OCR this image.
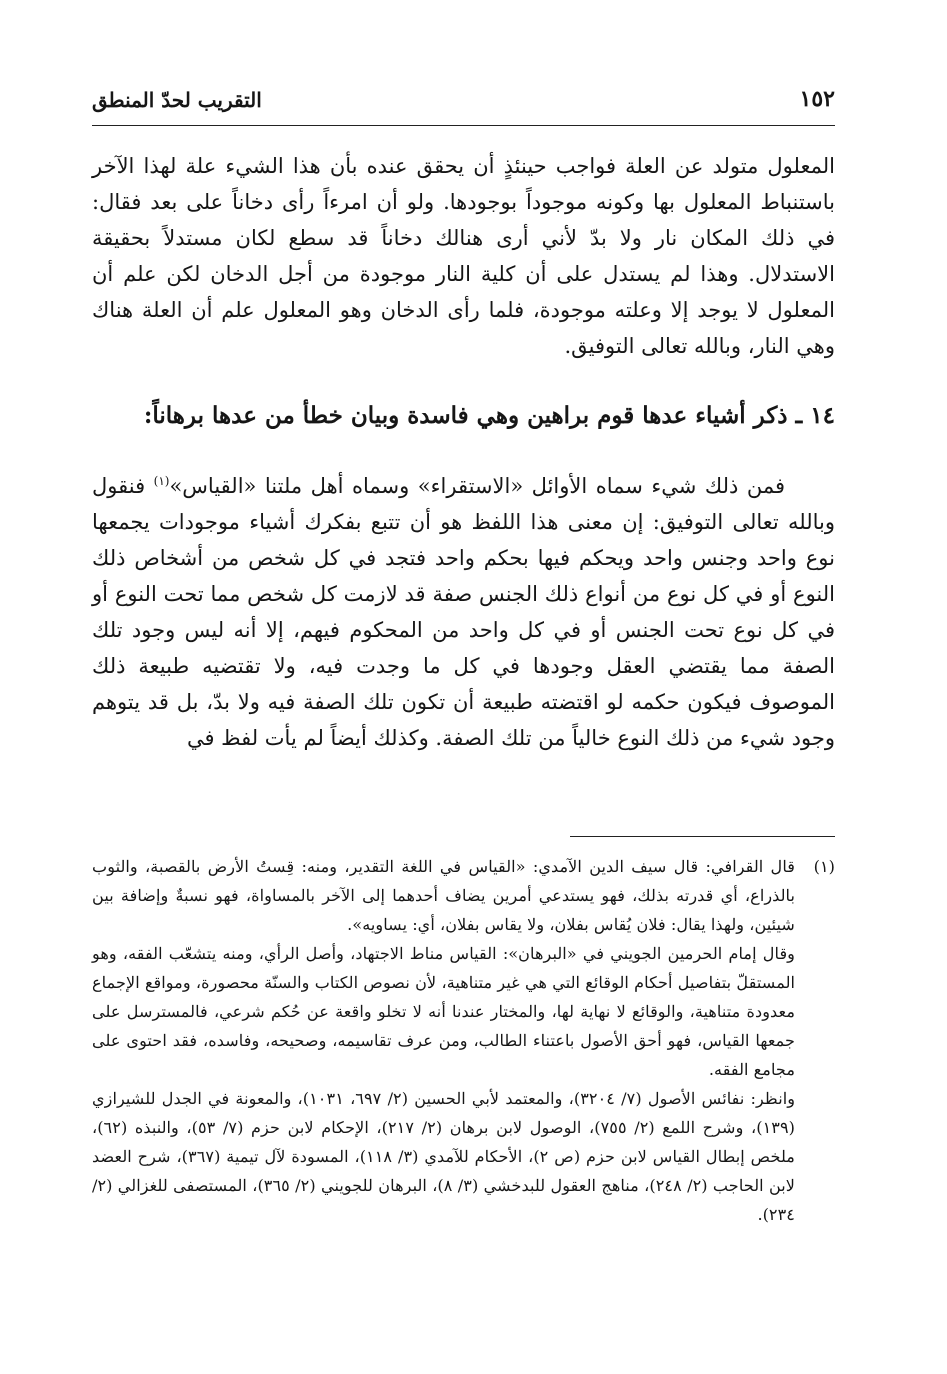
١٥٢
التقريب لحدّ المنطق

المعلول متولد عن العلة فواجب حينئذٍ أن يحقق عنده بأن هذا الشيء علة لهذا الآخر باستنباط المعلول بها وكونه موجوداً بوجودها. ولو أن امرءاً رأى دخاناً على بعد فقال: في ذلك المكان نار ولا بدّ لأني أرى هنالك دخاناً قد سطع لكان مستدلاً بحقيقة الاستدلال. وهذا لم يستدل على أن كلية النار موجودة من أجل الدخان لكن علم أن المعلول لا يوجد إلا وعلته موجودة، فلما رأى الدخان وهو المعلول علم أن العلة هناك وهي النار، وبالله تعالى التوفيق.

١٤ ـ ذكر أشياء عدها قوم براهين وهي فاسدة وبيان خطأ من عدها برهاناً:

فمن ذلك شيء سماه الأوائل «الاستقراء» وسماه أهل ملتنا «القياس»$^{(١)}$ فنقول وبالله تعالى التوفيق: إن معنى هذا اللفظ هو أن تتبع بفكرك أشياء موجودات يجمعها نوع واحد وجنس واحد ويحكم فيها بحكم واحد فتجد في كل شخص من أشخاص ذلك النوع أو في كل نوع من أنواع ذلك الجنس صفة قد لازمت كل شخص مما تحت النوع أو في كل نوع تحت الجنس أو في كل واحد من المحكوم فيهم، إلا أنه ليس وجود تلك الصفة مما يقتضي العقل وجودها في كل ما وجدت فيه، ولا تقتضيه طبيعة ذلك الموصوف فيكون حكمه لو اقتضته طبيعة أن تكون تلك الصفة فيه ولا بدّ، بل قد يتوهم وجود شيء من ذلك النوع خالياً من تلك الصفة. وكذلك أيضاً لم يأت لفظ في

(١)

قال القرافي: قال سيف الدين الآمدي: «القياس في اللغة التقدير، ومنه: قِستُ الأرض بالقصبة، والثوب بالذراع، أي قدرته بذلك، فهو يستدعي أمرين يضاف أحدهما إلى الآخر بالمساواة، فهو نسبةٌ وإضافة بين شيئين، ولهذا يقال: فلان يُقاس بفلان، ولا يقاس بفلان، أي: يساويه».

وقال إمام الحرمين الجويني في «البرهان»: القياس مناط الاجتهاد، وأصل الرأي، ومنه يتشعّب الفقه، وهو المستقلّ بتفاصيل أحكام الوقائع التي هي غير متناهية، لأن نصوص الكتاب والسنّة محصورة، ومواقع الإجماع معدودة متناهية، والوقائع لا نهاية لها، والمختار عندنا أنه لا تخلو واقعة عن حُكم شرعي، فالمسترسل على جمعها القياس، فهو أحق الأصول باعتناء الطالب، ومن عرف تقاسيمه، وصحيحه، وفاسده، فقد احتوى على مجامع الفقه.

وانظر: نفائس الأصول (٧/ ٣٢٠٤)، والمعتمد لأبي الحسين (٢/ ٦٩٧، ١٠٣١)، والمعونة في الجدل للشيرازي (١٣٩)، وشرح اللمع (٢/ ٧٥٥)، الوصول لابن برهان (٢/ ٢١٧)، الإحكام لابن حزم (٧/ ٥٣)، والنبذه (٦٢)، ملخص إبطال القياس لابن حزم (ص ٢)، الأحكام للآمدي (٣/ ١١٨)، المسودة لآل تيمية (٣٦٧)، شرح العضد لابن الحاجب (٢/ ٢٤٨)، مناهج العقول للبدخشي (٣/ ٨)، البرهان للجويني (٢/ ٣٦٥)، المستصفى للغزالي (٢/ ٢٣٤).
